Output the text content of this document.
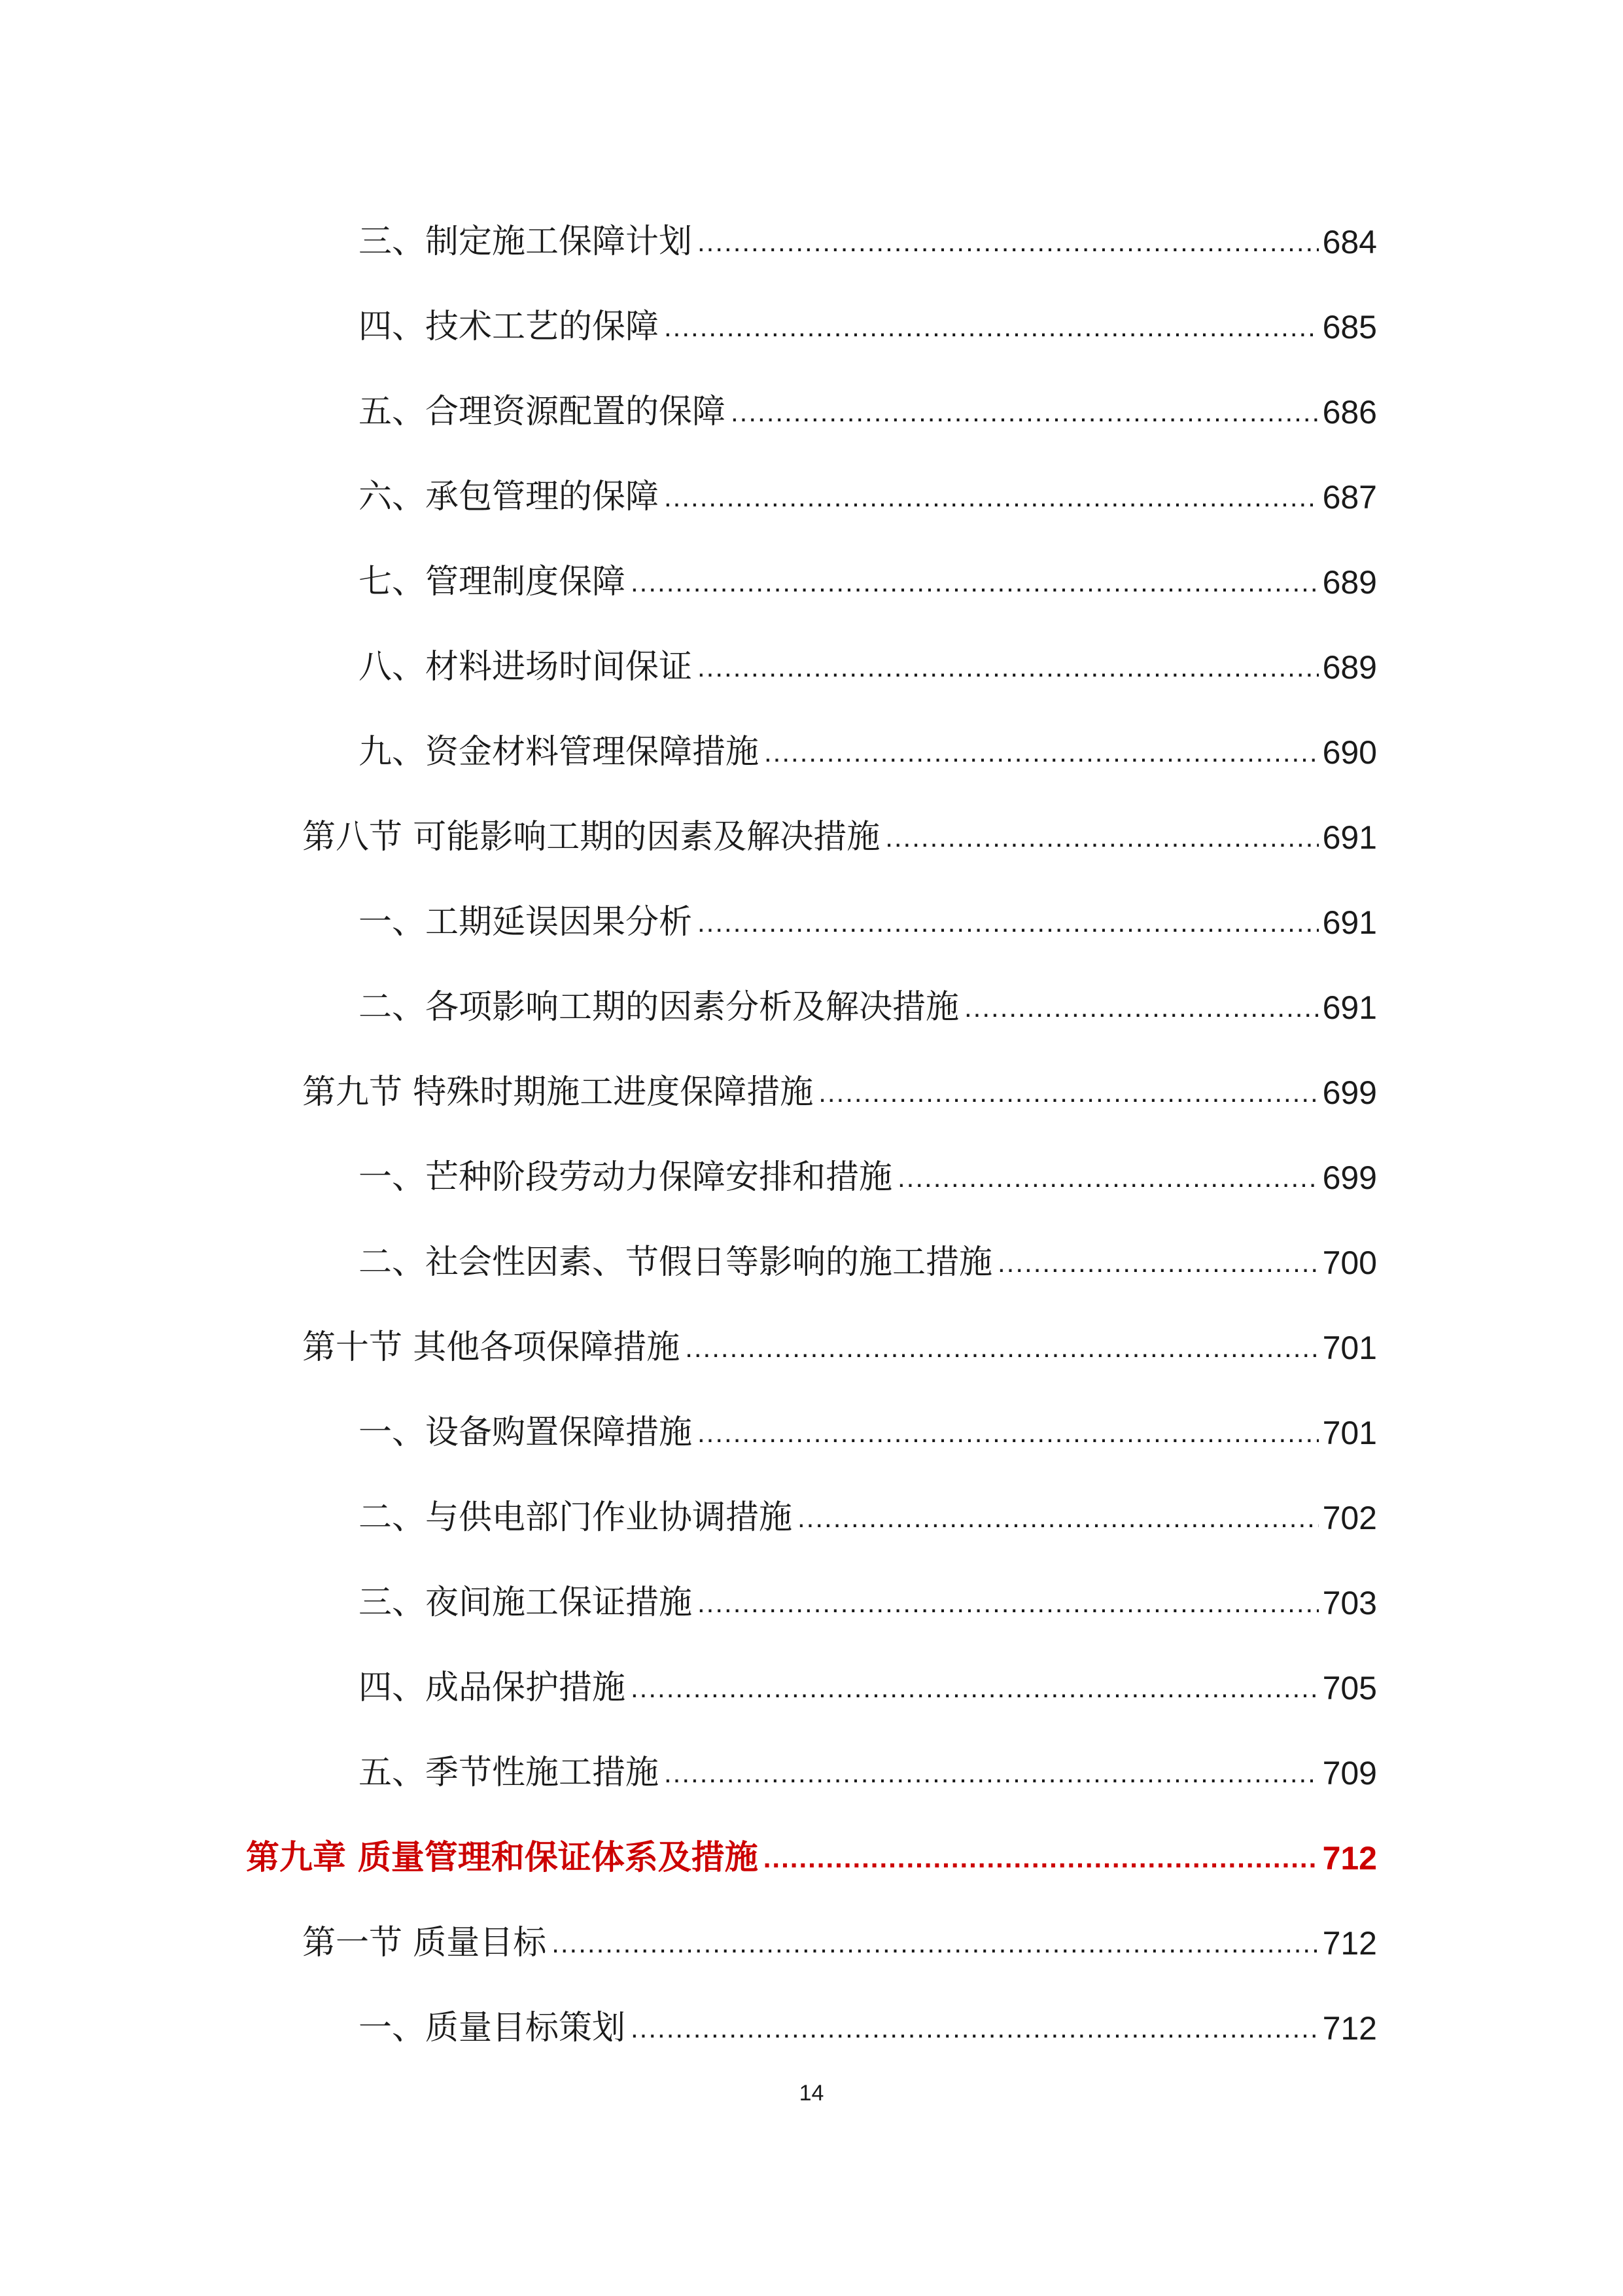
三、制定施工保障计划 .....	684
四、技术工艺的保障 .....	685
五、合理资源配置的保障 .....	686
六、承包管理的保障 .....	687
七、管理制度保障 .....	689
八、材料进场时间保证 .....	689
九、资金材料管理保障措施 .....	690
第八节 可能影响工期的因素及解决措施 .....	691
一、工期延误因果分析 .....	691
二、各项影响工期的因素分析及解决措施 .....	691
第九节 特殊时期施工进度保障措施 .....	699
一、芒种阶段劳动力保障安排和措施 .....	699
二、社会性因素、节假日等影响的施工措施 .....	700
第十节 其他各项保障措施 .....	701
一、设备购置保障措施 .....	701
二、与供电部门作业协调措施 .....	702
三、夜间施工保证措施 .....	703
四、成品保护措施 .....	705
五、季节性施工措施 .....	709
第九章 质量管理和保证体系及措施 .....	712
第一节 质量目标 .....	712
一、质量目标策划 .....	712
14
